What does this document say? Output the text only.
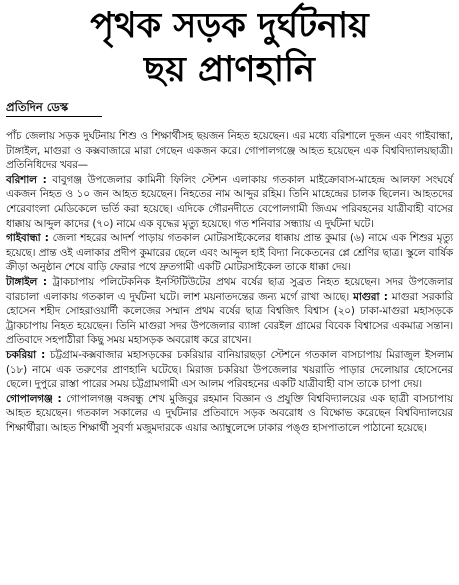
পৃথক সড়ক দুর্ঘটনায়
ছয় প্রাণহানি
প্রতিদিন ডেস্ক

পাঁচ জেলায় সড়ক দুর্ঘটনায় শিশু ও শিক্ষার্থীসহ ছয়জন নিহত হয়েছেন। এর মধ্যে বরিশালে দুজন এবং গাইবান্ধা, টাঙ্গাইল, মাগুরা ও কক্সবাজারে মারা গেছেন একজন করে। গোপালগঞ্জে আহত হয়েছেন এক বিশ্ববিদ্যালয়ছাত্রী। প্রতিনিধিদের খবর—

বরিশাল : বাবুগঞ্জ উপজেলার কামিনী ফিলিং স্টেশন এলাকায় গতকাল মাইক্রোবাস-মাহেন্দ্র আলফা সংঘর্ষে একজন নিহত ও ১০ জন আহত হয়েছেন। নিহতের নাম আব্দুর রহিম। তিনি মাহেন্দ্রের চালক ছিলেন। আহতদের শেরেবাংলা মেডিকেলে ভর্তি করা হয়েছে। এদিকে গৌরনদীতে বেপোলগামী জিএম পরিবহনের যাত্রীবাহী বাসের ধাক্কায় আব্দুল কাদের (৭০) নামে এক বৃদ্ধের মৃত্যু হয়েছে। গত শনিবার সন্ধ্যায় এ দুর্ঘটনা ঘটে।

গাইবান্ধা : জেলা শহরের আদর্শ পাড়ায় গতকাল মোটরসাইকেলের ধাক্কায় প্রান্ত কুমার (৬) নামে এক শিশুর মৃত্যু হয়েছে। প্রান্ত ওই এলাকার প্রদীপ কুমারের ছেলে এবং আব্দুল হাই বিদ্যা নিকেতনের প্লে শ্রেণির ছাত্র। স্কুলে বার্ষিক ক্রীড়া অনুষ্ঠান শেষে বাড়ি ফেরার পথে দ্রুতগামী একটি মোটরসাইকেল তাকে ধাক্কা দেয়।

টাঙ্গাইল : ট্রাকচাপায় পলিটেকনিক ইনস্টিটিউটের প্রথম বর্ষের ছাত্র সুব্রত নিহত হয়েছেন। সদর উপজেলার বারচালা এলাকায় গতকাল এ দুর্ঘটনা ঘটে। লাশ ময়নাতদন্তের জন্য মর্গে রাখা আছে। মাগুরা : মাগুরা সরকারি হোসেন শহীদ সোহরাওয়ার্দী কলেজের সম্মান প্রথম বর্ষের ছাত্র বিশ্বজিৎ বিশ্বাস (২০) ঢাকা-মাগুরা মহাসড়কে ট্রাকচাপায় নিহত হয়েছেন। তিনি মাগুরা সদর উপজেলার ব্যাঙ্গা বেরইল গ্রামের বিবেক বিশ্বাসের একমাত্র সন্তান। প্রতিবাদে সহপাঠীরা কিছু সময় মহাসড়ক অবরোধ করে রাখেন।

চকরিয়া : চট্টগ্রাম-কক্সবাজার মহাসড়কের চকরিয়ার বানিয়ারছড়া স্টেশনে গতকাল বাসচাপায় মিরাজুল ইসলাম (১৮) নামে এক তরুণের প্রাণহানি ঘটেছে। মিরাজ চকরিয়া উপজেলার খয়রাতি পাড়ার দেলোয়ার হোসেনের ছেলে। দুপুরে রাস্তা পারের সময় চট্টগ্রামগামী এস আলম পরিবহনের একটি যাত্রীবাহী বাস তাকে চাপা দেয়।

গোপালগঞ্জ : গোপালগঞ্জ বঙ্গবন্ধু শেখ মুজিবুর রহমান বিজ্ঞান ও প্রযুক্তি বিশ্ববিদ্যালয়ের এক ছাত্রী বাসচাপায় আহত হয়েছেন। গতকাল সকালের এ দুর্ঘটনার প্রতিবাদে সড়ক অবরোধ ও বিক্ষোভ করেছেন বিশ্ববিদ্যালয়ের শিক্ষার্থীরা। আহত শিক্ষার্থী সুবর্ণা মজুমদারকে এয়ার অ্যাম্বুলেন্সে ঢাকার পঙ্গু হাসপাতালে পাঠানো হয়েছে।
